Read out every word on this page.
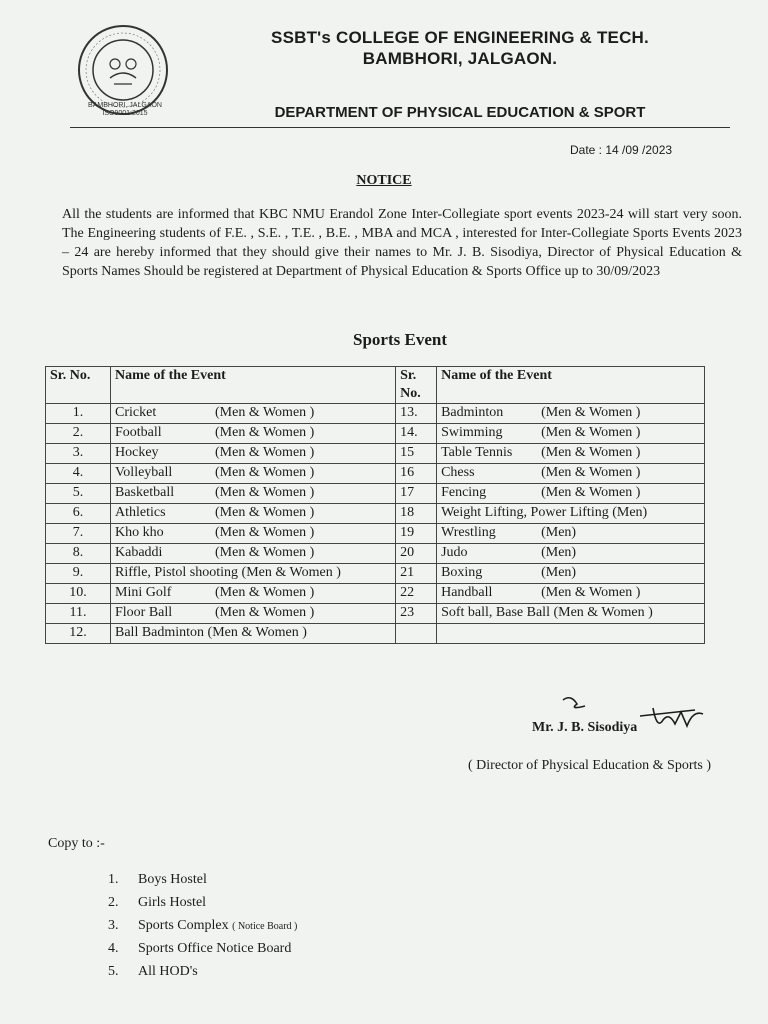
BAMBHORI, JALGAON
ISO9001:2015
SSBT's COLLEGE OF ENGINEERING & TECH.
BAMBHORI, JALGAON.
DEPARTMENT OF PHYSICAL EDUCATION & SPORT
Date : 14 /09 /2023
NOTICE
All the students are informed that KBC NMU Erandol Zone Inter-Collegiate sport events 2023-24 will start very soon. The Engineering students of F.E. , S.E. , T.E. , B.E. , MBA and MCA , interested for Inter-Collegiate Sports Events 2023 – 24 are hereby informed that they should give their names to Mr. J. B. Sisodiya, Director of Physical Education & Sports Names Should be registered at Department of Physical Education & Sports Office up to 30/09/2023
Sports Event
Sr. No.	Name of the Event	Sr. No.	Name of the Event
1.	Cricket (Men & Women )	13.	Badminton (Men & Women )
2.	Football (Men & Women )	14.	Swimming (Men & Women )
3.	Hockey (Men & Women )	15	Table Tennis (Men & Women )
4.	Volleyball (Men & Women )	16	Chess (Men & Women )
5.	Basketball (Men & Women )	17	Fencing (Men & Women )
6.	Athletics (Men & Women )	18	Weight Lifting, Power Lifting (Men)
7.	Kho kho (Men & Women )	19	Wrestling (Men)
8.	Kabaddi (Men & Women )	20	Judo (Men)
9.	Riffle, Pistol shooting (Men & Women )	21	Boxing (Men)
10.	Mini Golf (Men & Women )	22	Handball (Men & Women )
11.	Floor Ball (Men & Women )	23	Soft ball, Base Ball (Men & Women )
12.	Ball Badminton (Men & Women )		
Mr. J. B. Sisodiya
( Director of Physical Education & Sports )
Copy to :-
1. Boys Hostel
2. Girls Hostel
3. Sports Complex ( Notice Board )
4. Sports Office Notice Board
5. All HOD's
